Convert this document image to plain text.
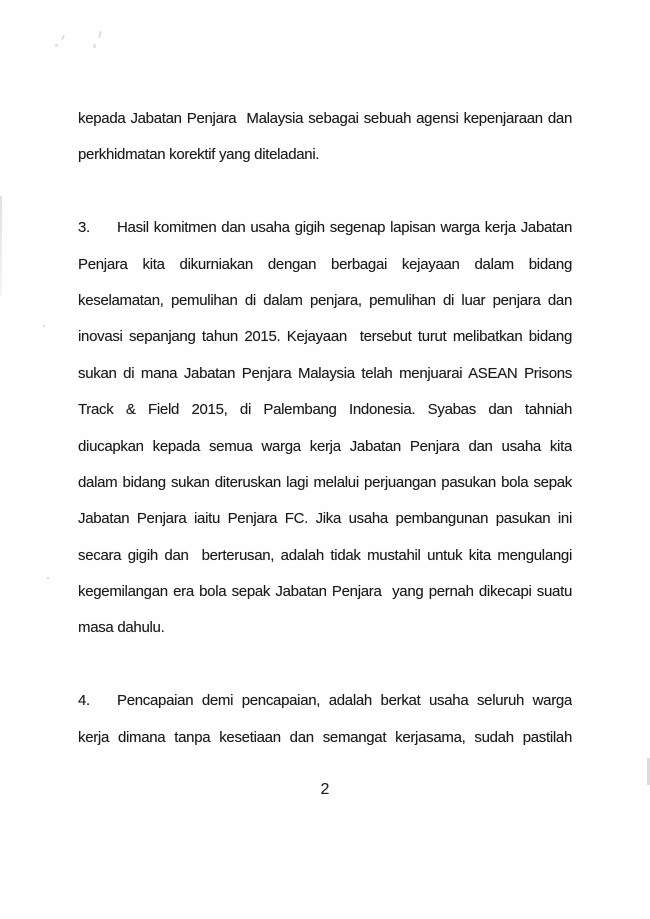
kepada Jabatan Penjara  Malaysia sebagai sebuah agensi kepenjaraan dan
perkhidmatan korektif yang diteladani.
3.	Hasil komitmen dan usaha gigih segenap lapisan warga kerja Jabatan
Penjara kita dikurniakan dengan berbagai kejayaan dalam bidang
keselamatan, pemulihan di dalam penjara, pemulihan di luar penjara dan
inovasi sepanjang tahun 2015. Kejayaan  tersebut turut melibatkan bidang
sukan di mana Jabatan Penjara Malaysia telah menjuarai ASEAN Prisons
Track & Field 2015, di Palembang Indonesia. Syabas dan tahniah
diucapkan kepada semua warga kerja Jabatan Penjara dan usaha kita
dalam bidang sukan diteruskan lagi melalui perjuangan pasukan bola sepak
Jabatan Penjara iaitu Penjara FC. Jika usaha pembangunan pasukan ini
secara gigih dan  berterusan, adalah tidak mustahil untuk kita mengulangi
kegemilangan era bola sepak Jabatan Penjara  yang pernah dikecapi suatu
masa dahulu.
4.	Pencapaian demi pencapaian, adalah berkat usaha seluruh warga
kerja dimana tanpa kesetiaan dan semangat kerjasama, sudah pastilah
2
